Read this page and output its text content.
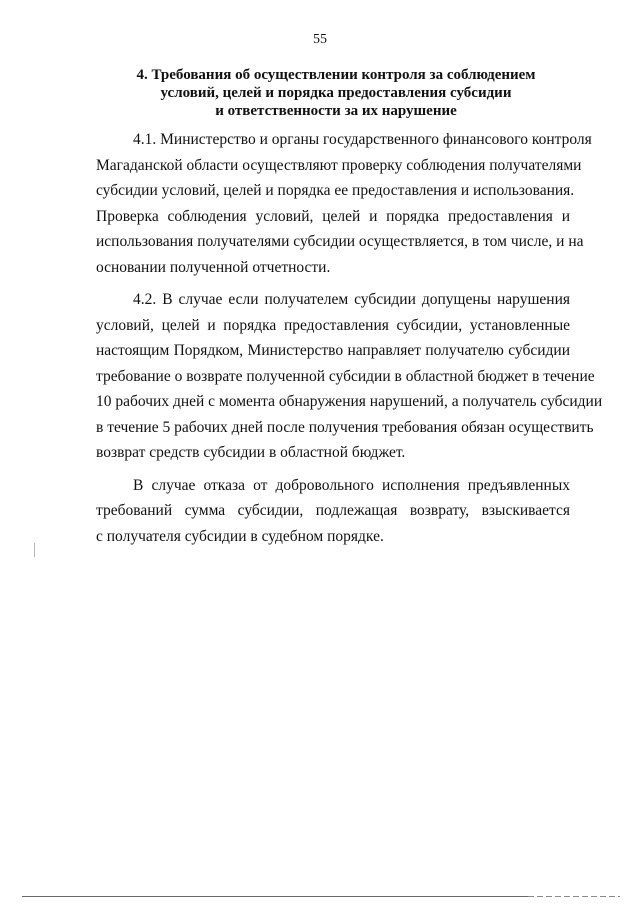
55
4. Требования об осуществлении контроля за соблюдением
условий, целей и порядка предоставления субсидии
и ответственности за их нарушение

4.1. Министерство и органы государственного финансового контроля
Магаданской области осуществляют проверку соблюдения получателями
субсидии условий, целей и порядка ее предоставления и использования.
Проверка соблюдения условий, целей и порядка предоставления и
использования получателями субсидии осуществляется, в том числе, и на
основании полученной отчетности.

4.2. В случае если получателем субсидии допущены нарушения
условий, целей и порядка предоставления субсидии, установленные
настоящим Порядком, Министерство направляет получателю субсидии
требование о возврате полученной субсидии в областной бюджет в течение
10 рабочих дней с момента обнаружения нарушений, а получатель субсидии
в течение 5 рабочих дней после получения требования обязан осуществить
возврат средств субсидии в областной бюджет.

В случае отказа от добровольного исполнения предъявленных
требований сумма субсидии, подлежащая возврату, взыскивается
с получателя субсидии в судебном порядке.
